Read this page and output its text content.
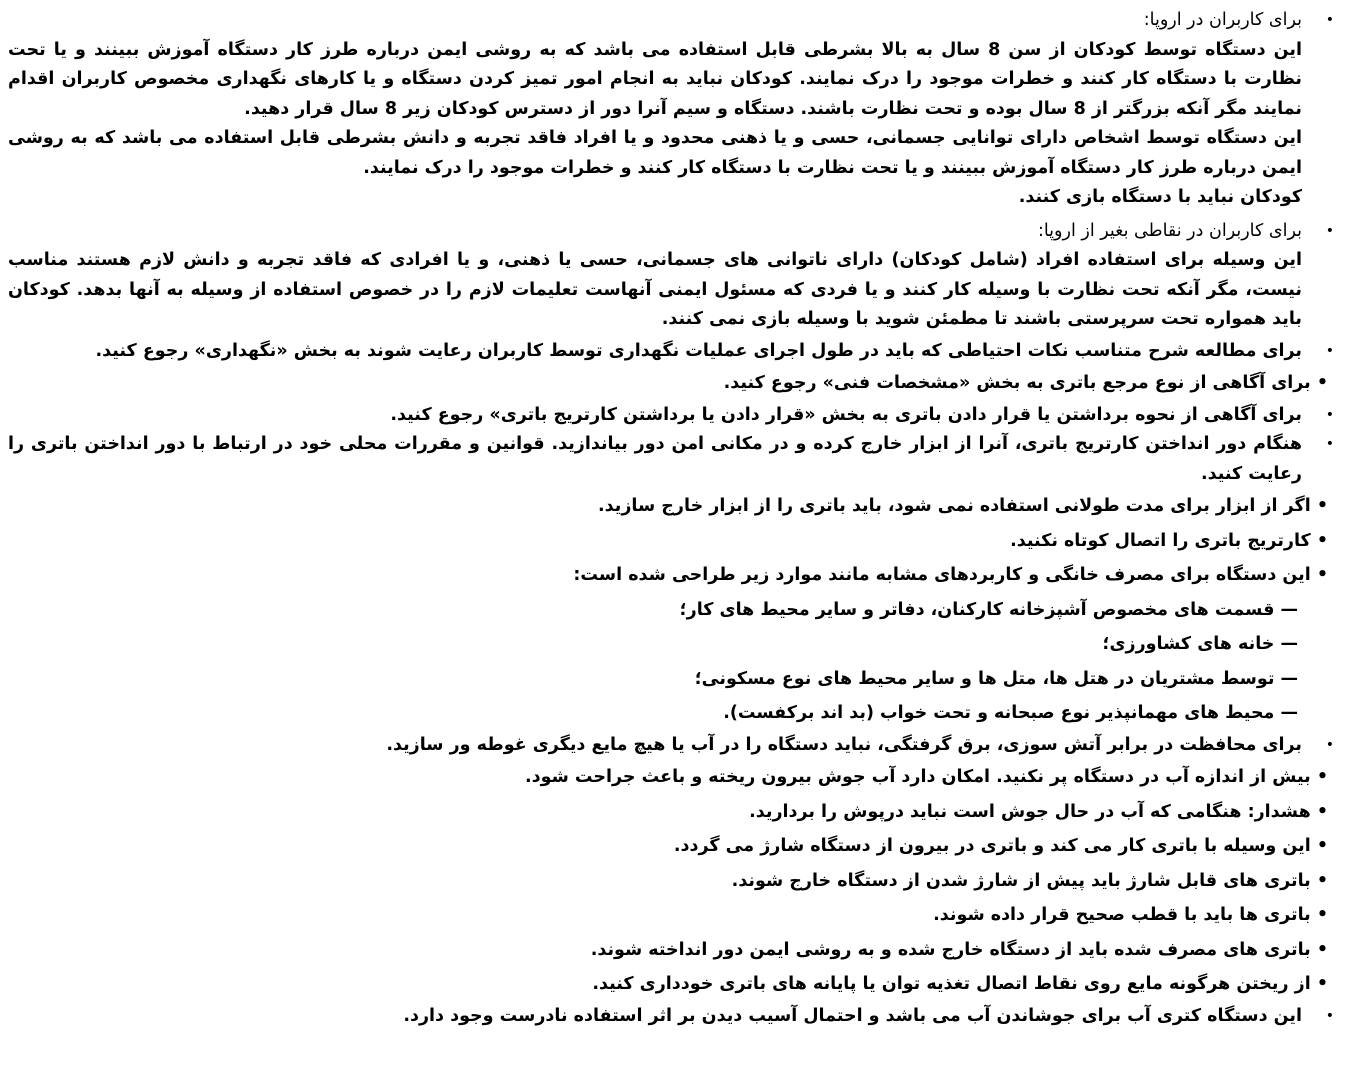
•
برای کاربران در اروپا:
این دستگاه توسط کودکان از سن 8 سال به بالا بشرطی قابل استفاده می باشد که به روشی ایمن درباره طرز کار دستگاه آموزش ببینند و یا تحت نظارت با دستگاه کار کنند و خطرات موجود را درک نمایند. کودکان نباید به انجام امور تمیز کردن دستگاه و یا کارهای نگهداری مخصوص کاربران اقدام نمایند مگر آنکه بزرگتر از 8 سال بوده و تحت نظارت باشند. دستگاه و سیم آنرا دور از دسترس کودکان زیر 8 سال قرار دهید.
این دستگاه توسط اشخاص دارای توانایی جسمانی، حسی و یا ذهنی محدود و یا افراد فاقد تجربه و دانش بشرطی قابل استفاده می باشد که به روشی ایمن درباره طرز کار دستگاه آموزش ببینند و یا تحت نظارت با دستگاه کار کنند و خطرات موجود را درک نمایند.
کودکان نباید با دستگاه بازی کنند.
•
برای کاربران در نقاطی بغیر از اروپا:
این وسیله برای استفاده افراد (شامل کودکان) دارای ناتوانی های جسمانی، حسی یا ذهنی، و یا افرادی که فاقد تجربه و دانش لازم هستند مناسب نیست، مگر آنکه تحت نظارت با وسیله کار کنند و یا فردی که مسئول ایمنی آنهاست تعلیمات لازم را در خصوص استفاده از وسیله به آنها بدهد. کودکان باید همواره تحت سرپرستی باشند تا مطمئن شوید با وسیله بازی نمی کنند.
•
برای مطالعه شرح متناسب نکات احتیاطی که باید در طول اجرای عملیات نگهداری توسط کاربران رعایت شوند به بخش «نگهداری» رجوع کنید.
• برای آگاهی از نوع مرجع باتری به بخش «مشخصات فنی» رجوع کنید.
•
برای آگاهی از نحوه برداشتن یا قرار دادن باتری به بخش «قرار دادن یا برداشتن کارتریج باتری» رجوع کنید.
•
هنگام دور انداختن کارتریج باتری، آنرا از ابزار خارج کرده و در مکانی امن دور بیاندازید. قوانین و مقررات محلی خود در ارتباط با دور انداختن باتری را رعایت کنید.
• اگر از ابزار برای مدت طولانی استفاده نمی شود، باید باتری را از ابزار خارج سازید.
• کارتریج باتری را اتصال کوتاه نکنید.
• این دستگاه برای مصرف خانگی و کاربردهای مشابه مانند موارد زیر طراحی شده است:
— قسمت های مخصوص آشپزخانه کارکنان، دفاتر و سایر محیط های کار؛
— خانه های کشاورزی؛
— توسط مشتریان در هتل ها، متل ها و سایر محیط های نوع مسکونی؛
— محیط های مهمانپذیر نوع صبحانه و تحت خواب (بد اند برکفست).
•
برای محافظت در برابر آتش سوزی، برق گرفتگی، نباید دستگاه را در آب یا هیچ مایع دیگری غوطه ور سازید.
• بیش از اندازه آب در دستگاه پر نکنید. امکان دارد آب جوش بیرون ریخته و باعث جراحت شود.
• هشدار: هنگامی که آب در حال جوش است نباید درپوش را بردارید.
• این وسیله با باتری کار می کند و باتری در بیرون از دستگاه شارژ می گردد.
• باتری های قابل شارژ باید پیش از شارژ شدن از دستگاه خارج شوند.
• باتری ها باید با قطب صحیح قرار داده شوند.
• باتری های مصرف شده باید از دستگاه خارج شده و به روشی ایمن دور انداخته شوند.
• از ریختن هرگونه مایع روی نقاط اتصال تغذیه توان یا پایانه های باتری خودداری کنید.
•
این دستگاه کتری آب برای جوشاندن آب می باشد و احتمال آسیب دیدن بر اثر استفاده نادرست وجود دارد.
